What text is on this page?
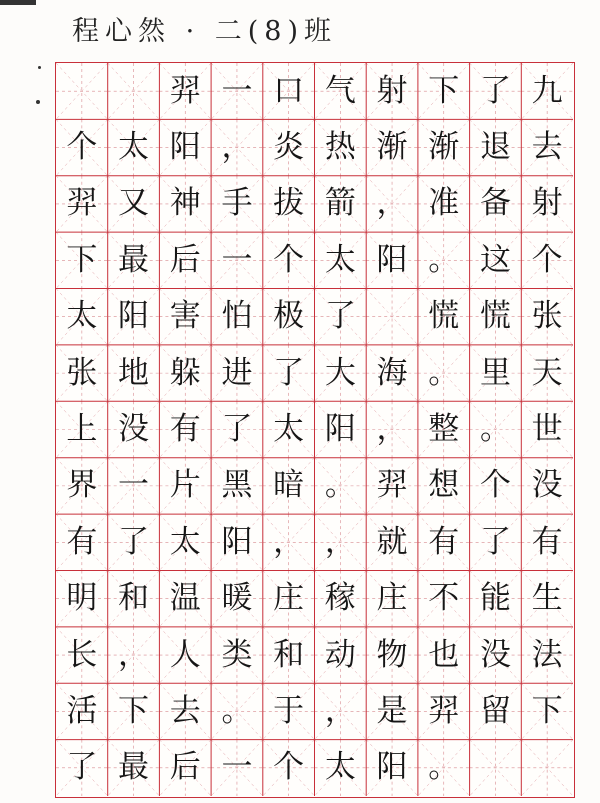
程心然 · 二(8)班
九
去
射
个
张
天
世
没
有
生
法
下
了
退
备
这
慌
里
。
个
了
能
没
留
下
渐
准
。
慌
。
整
想
有
不
也
羿
。
射
渐
，
阳
海
，
羿
就
庄
物
是
阳
气
热
箭
太
了
大
阳
。
，
稼
动
，
太
口
炎
拔
个
极
了
太
暗
，
庄
和
于
个
一
，
手
一
怕
进
了
黑
阳
暖
类
。
一
羿
阳
神
后
害
躲
有
片
太
温
人
去
后
太
又
最
阳
地
没
一
了
和
，
下
最
个
羿
下
太
张
上
界
有
明
长
活
了
